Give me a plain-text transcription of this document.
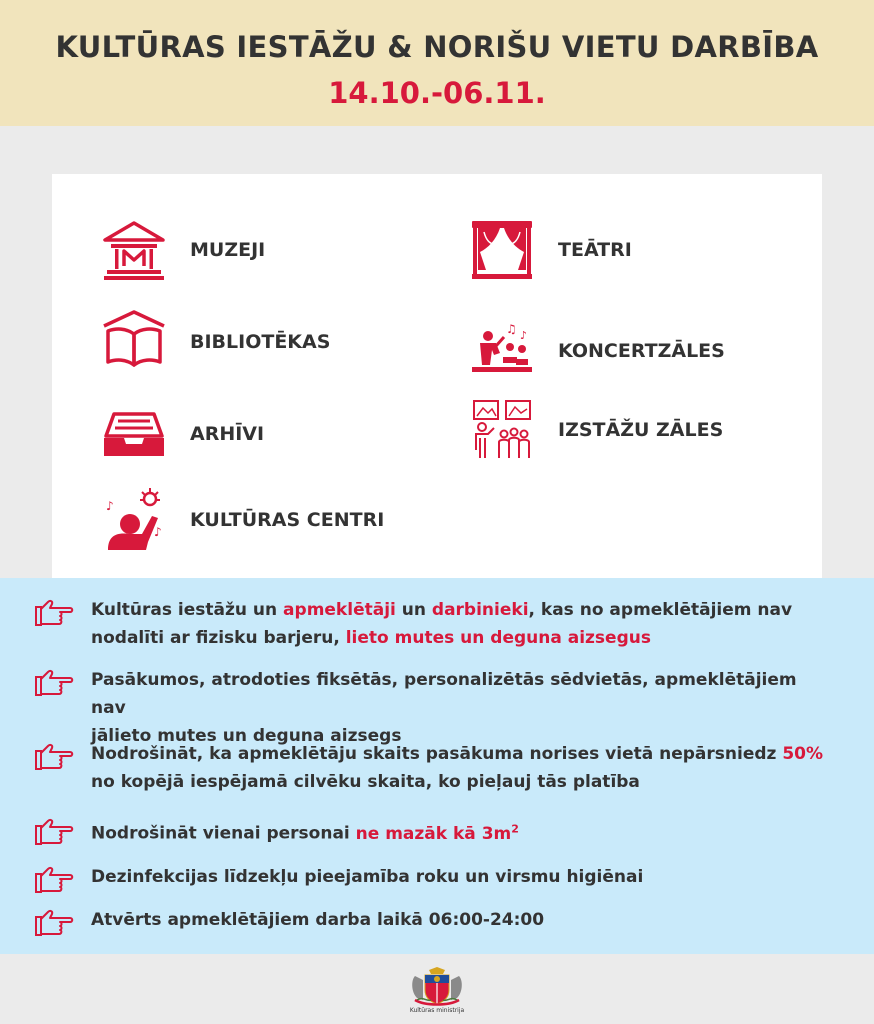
KULTŪRAS IESTĀŽU & NORIŠU VIETU DARBĪBA
14.10.-06.11.
MUZEJI	TEĀTRI
BIBLIOTĒKAS
♫ ♪
KONCERTZĀLES
ARHĪVI	IZSTĀŽU ZĀLES
♪
♪
KULTŪRAS CENTRI
Kultūras iestāžu un apmeklētāji un darbinieki, kas no apmeklētājiem nav
nodalīti ar fizisku barjeru, lieto mutes un deguna aizsegus
Pasākumos, atrodoties fiksētās, personalizētās sēdvietās, apmeklētājiem nav
jālieto mutes un deguna aizsegs
Nodrošināt, ka apmeklētāju skaits pasākuma norises vietā nepārsniedz 50%
no kopējā iespējamā cilvēku skaita, ko pieļauj tās platība
Nodrošināt vienai personai ne mazāk kā $3m^2$
Dezinfekcijas līdzekļu pieejamība roku un virsmu higiēnai
Atvērts apmeklētājiem darba laikā 06:00-24:00
Kultūras ministrija
